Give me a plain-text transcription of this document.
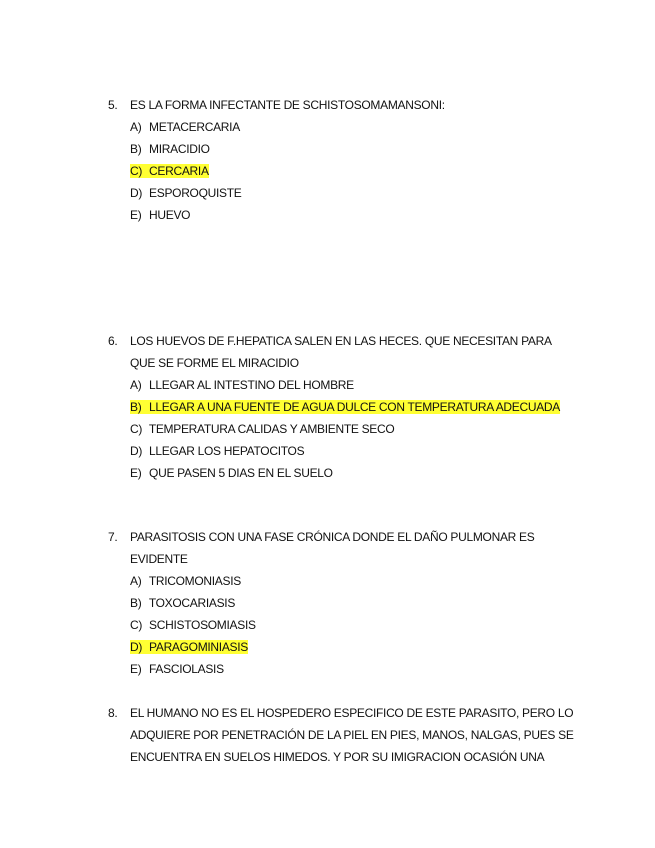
5.	ES LA FORMA INFECTANTE DE SCHISTOSOMAMANSONI:
A) METACERCARIA
B) MIRACIDIO
C) CERCARIA
D) ESPOROQUISTE
E) HUEVO
6.	LOS HUEVOS DE F.HEPATICA SALEN EN LAS HECES. QUE NECESITAN PARA QUE SE FORME EL MIRACIDIO
A) LLEGAR AL INTESTINO DEL HOMBRE
B) LLEGAR A UNA FUENTE DE AGUA DULCE CON TEMPERATURA ADECUADA
C) TEMPERATURA CALIDAS Y AMBIENTE SECO
D) LLEGAR LOS HEPATOCITOS
E) QUE PASEN 5 DIAS EN EL SUELO
7.	PARASITOSIS CON UNA FASE CRÓNICA DONDE EL DAÑO PULMONAR ES EVIDENTE
A) TRICOMONIASIS
B) TOXOCARIASIS
C) SCHISTOSOMIASIS
D) PARAGOMINIASIS
E) FASCIOLASIS
8.	EL HUMANO NO ES EL HOSPEDERO ESPECIFICO DE ESTE PARASITO, PERO LO ADQUIERE POR PENETRACIÓN DE LA PIEL EN PIES, MANOS, NALGAS, PUES SE ENCUENTRA EN SUELOS HIMEDOS. Y POR SU IMIGRACION OCASIÓN UNA
